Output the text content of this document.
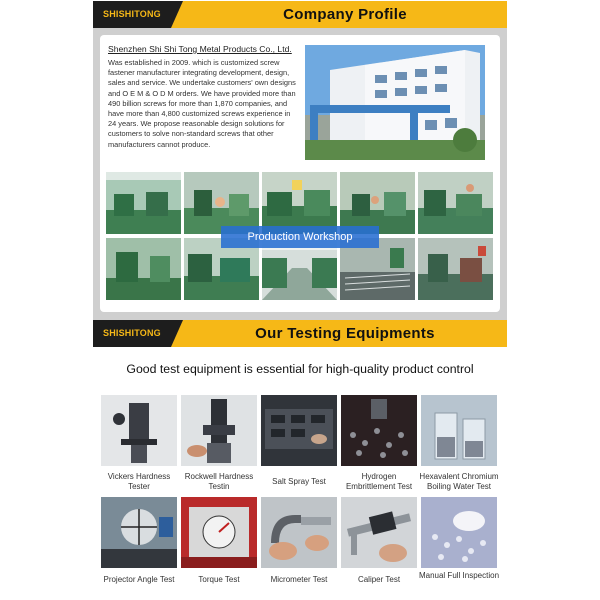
SHISHITONG	Company Profile
Shenzhen Shi Shi Tong Metal Products Co., Ltd.
Was established in 2009. which is customized screw fastener manufacturer integrating development, design, sales and service. We undertake customers' own designs and O E M & O D M orders. We have provided more than 490 billion screws for more than 1,870 companies, and have more than 4,800 customized screws experience in 24 years. We propose reasonable design solutions for customers to solve non-standard screws that other manufacturers cannot produce.
Production Workshop
SHISHITONG	Our Testing Equipments
Good test equipment is essential for high-quality product control
Vickers Hardness Tester
Rockwell Hardness Testin
Salt Spray Test
Hydrogen Embrittlement Test
Hexavalent Chromium Boiling Water Test
Projector Angle Test	Torque Test	Micrometer Test	Caliper Test	Manual Full Inspection
